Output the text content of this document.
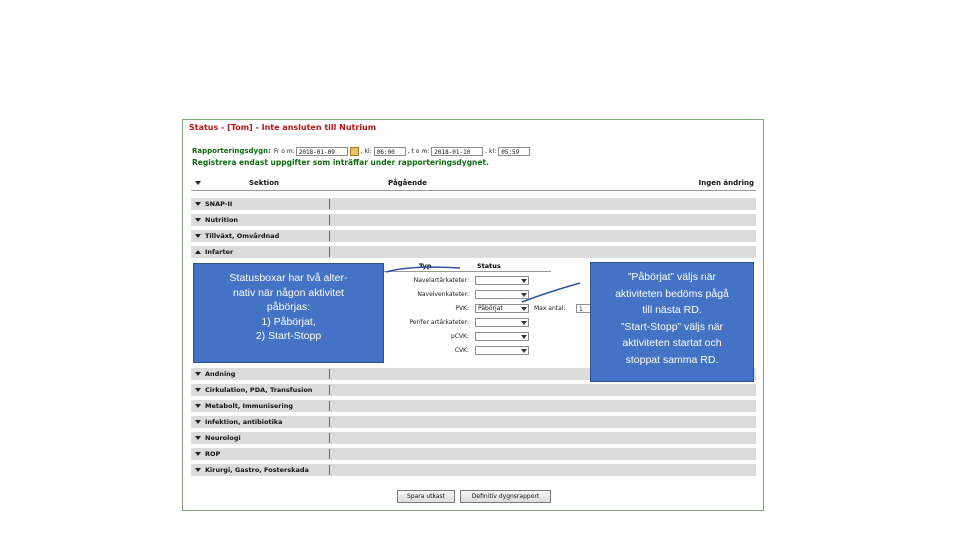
Status - [Tom] - Inte ansluten till Nutrium
Rapporteringsdygn: Fr o m: 2018-01-09	, kl: 06:00	, t o m: 2018-01-10	, kl: 05:59
Registrera endast uppgifter som inträffar under rapporteringsdygnet.
Sektion	Pågående	Ingen ändring
SNAP-II
Nutrition
Tillväxt, Omvårdnad
Infarter
Typ	Status
Navelartärkateter:
Navelvenkateter:
PVK:	Påbörjat	Max antal:	1
Perifer artärkateter:
pCVK:
CVK:
Andning
Cirkulation, PDA, Transfusion
Metabolt, Immunisering
Infektion, antibiotika
Neurologi
ROP
Kirurgi, Gastro, Fosterskada
Spara utkast	Definitiv dygnsrapport
Statusboxar har två alter-
nativ när någon aktivitet
påbörjas:
1) Påbörjat,
2) Start-Stopp
”Påbörjat” väljs när
aktiviteten bedöms pågå
till nästa RD.
”Start-Stopp” väljs när
aktiviteten startat och
stoppat samma RD.
